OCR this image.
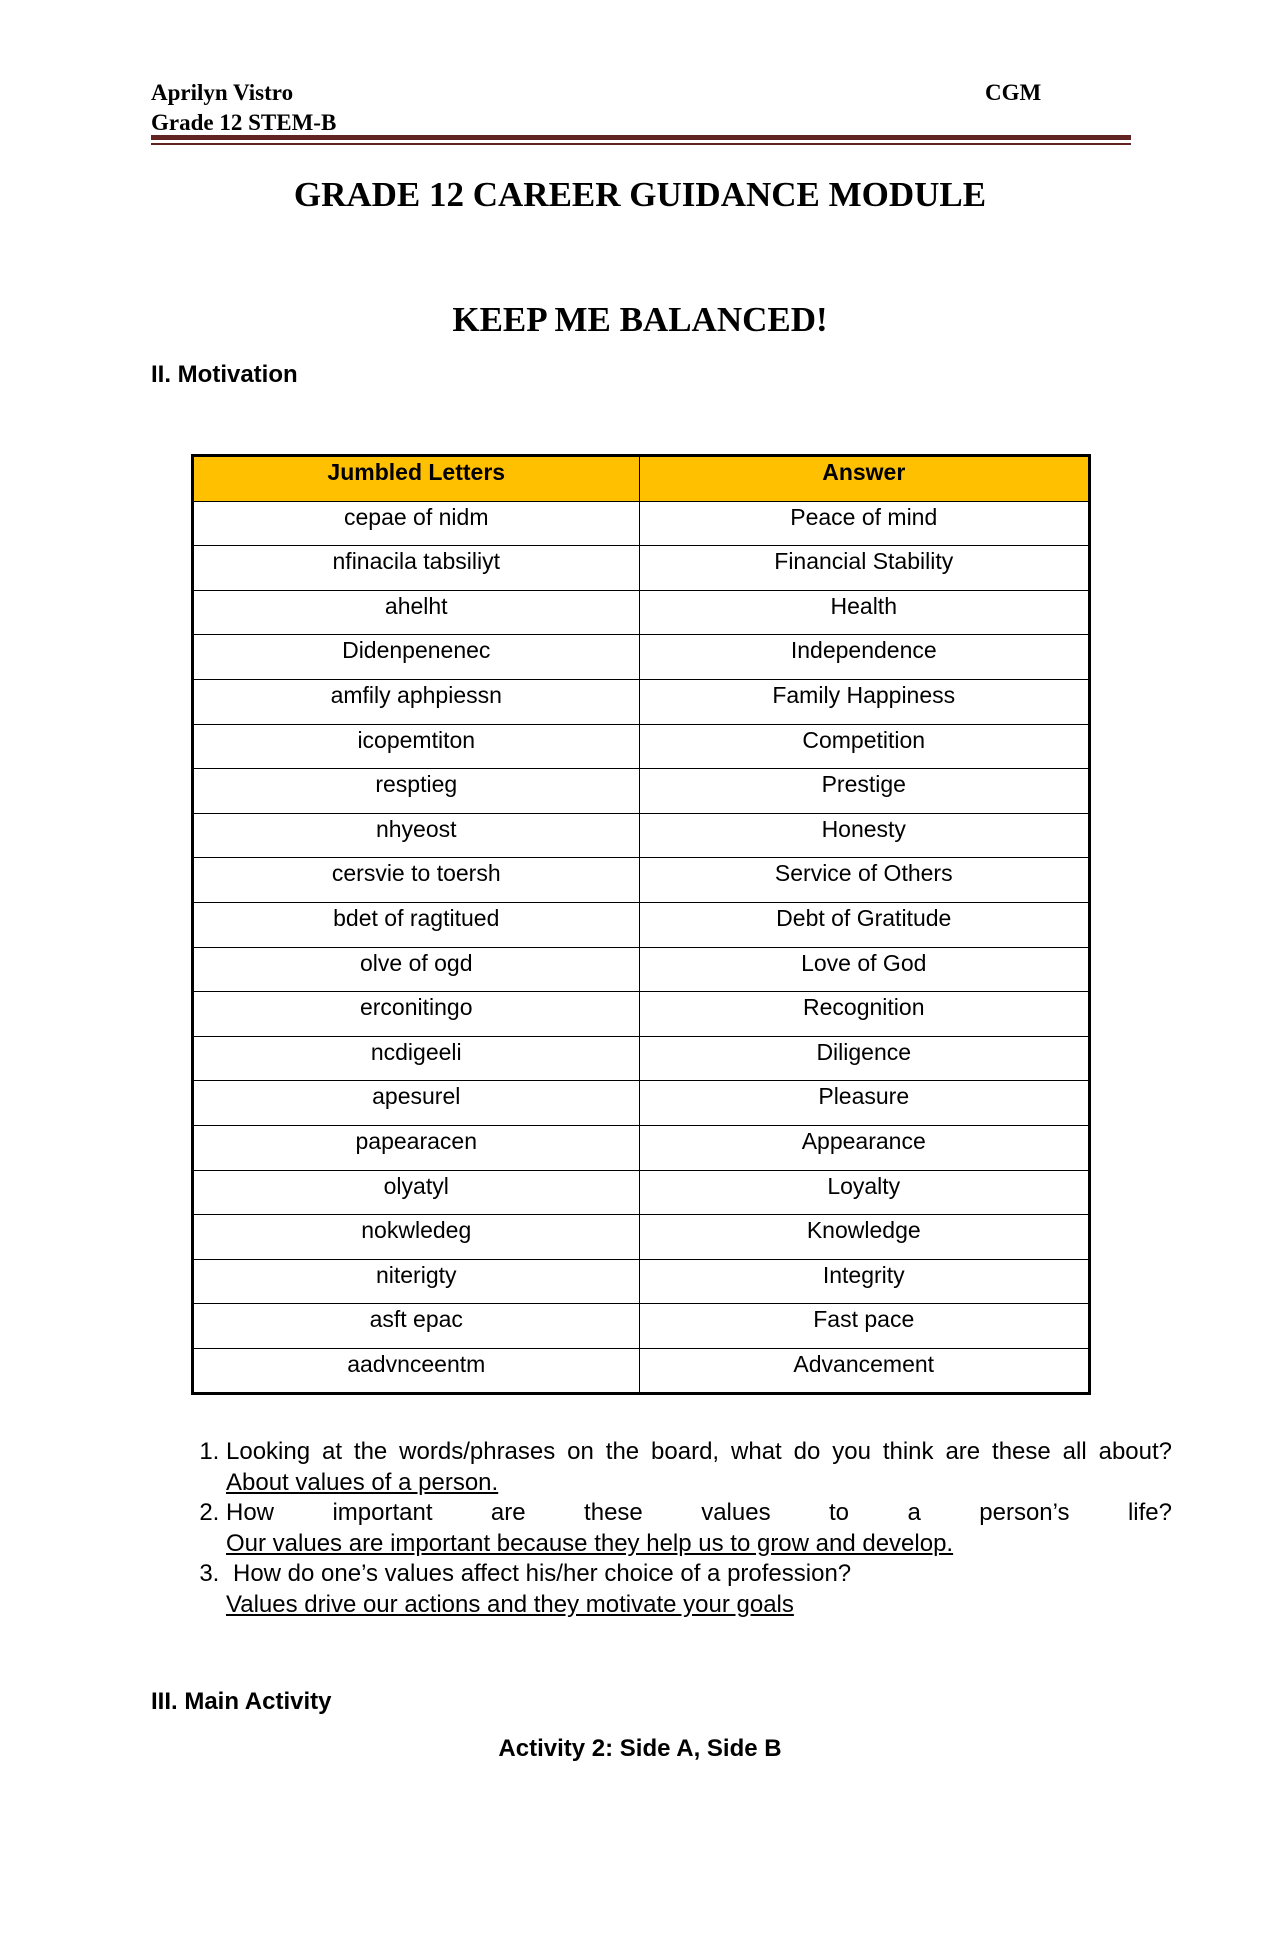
Aprilyn Vistro
Grade 12 STEM-B
CGM
GRADE 12 CAREER GUIDANCE MODULE
KEEP ME BALANCED!
II. Motivation
Jumbled Letters	Answer
cepae of nidm	Peace of mind
nfinacila tabsiliyt	Financial Stability
ahelht	Health
Didenpenenec	Independence
amfily aphpiessn	Family Happiness
icopemtiton	Competition
resptieg	Prestige
nhyeost	Honesty
cersvie to toersh	Service of Others
bdet of ragtitued	Debt of Gratitude
olve of ogd	Love of God
erconitingo	Recognition
ncdigeeli	Diligence
apesurel	Pleasure
papearacen	Appearance
olyatyl	Loyalty
nokwledeg	Knowledge
niterigty	Integrity
asft epac	Fast pace
aadvnceentm	Advancement
1. Looking at the words/phrases on the board, what do you think are these all about?
About values of a person.
2. How important are these values to a person’s life?
Our values are important because they help us to grow and develop.
3. How do one’s values affect his/her choice of a profession?
Values drive our actions and they motivate your goals
III. Main Activity
Activity 2: Side A, Side B
